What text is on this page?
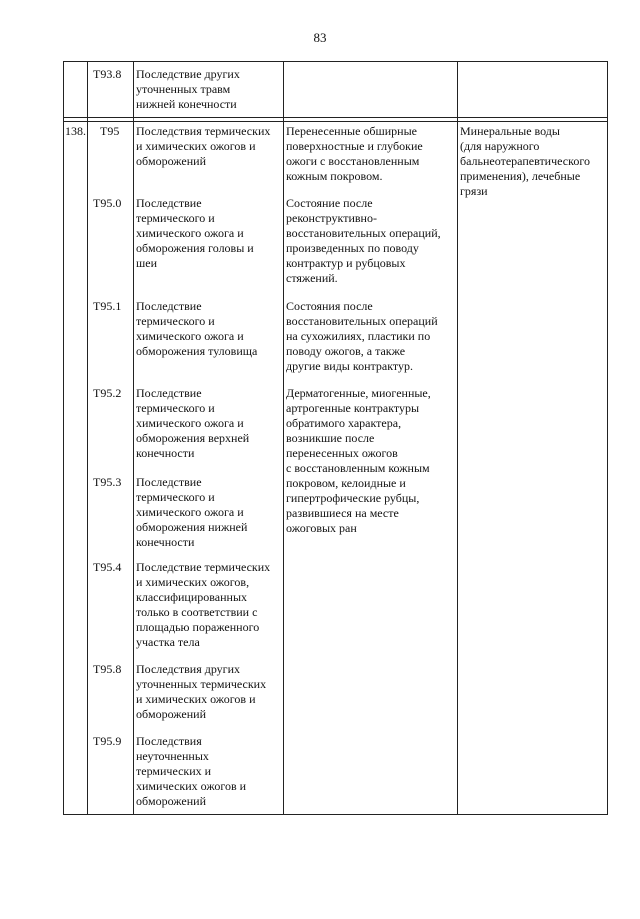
83
T93.8 Последствие других
уточненных травм
нижней конечности
138. T95 Последствия термических
и химических ожогов и
обморожений
T95.0 Последствие
термического и
химического ожога и
обморожения головы и
шеи
T95.1 Последствие
термического и
химического ожога и
обморожения туловища
T95.2 Последствие
термического и
химического ожога и
обморожения верхней
конечности
T95.3 Последствие
термического и
химического ожога и
обморожения нижней
конечности
T95.4 Последствие термических
и химических ожогов,
классифицированных
только в соответствии с
площадью пораженного
участка тела
T95.8 Последствия других
уточненных термических
и химических ожогов и
обморожений
T95.9 Последствия
неуточненных
термических и
химических ожогов и
обморожений
Перенесенные обширные
поверхностные и глубокие
ожоги с восстановленным
кожным покровом.
Состояние после
реконструктивно-
восстановительных операций,
произведенных по поводу
контрактур и рубцовых
стяжений.
Состояния после
восстановительных операций
на сухожилиях, пластики по
поводу ожогов, а также
другие виды контрактур.
Дерматогенные, миогенные,
артрогенные контрактуры
обратимого характера,
возникшие после
перенесенных ожогов
с восстановленным кожным
покровом, келоидные и
гипертрофические рубцы,
развившиеся на месте
ожоговых ран
Минеральные воды
(для наружного
бальнеотерапевтического
применения), лечебные
грязи
